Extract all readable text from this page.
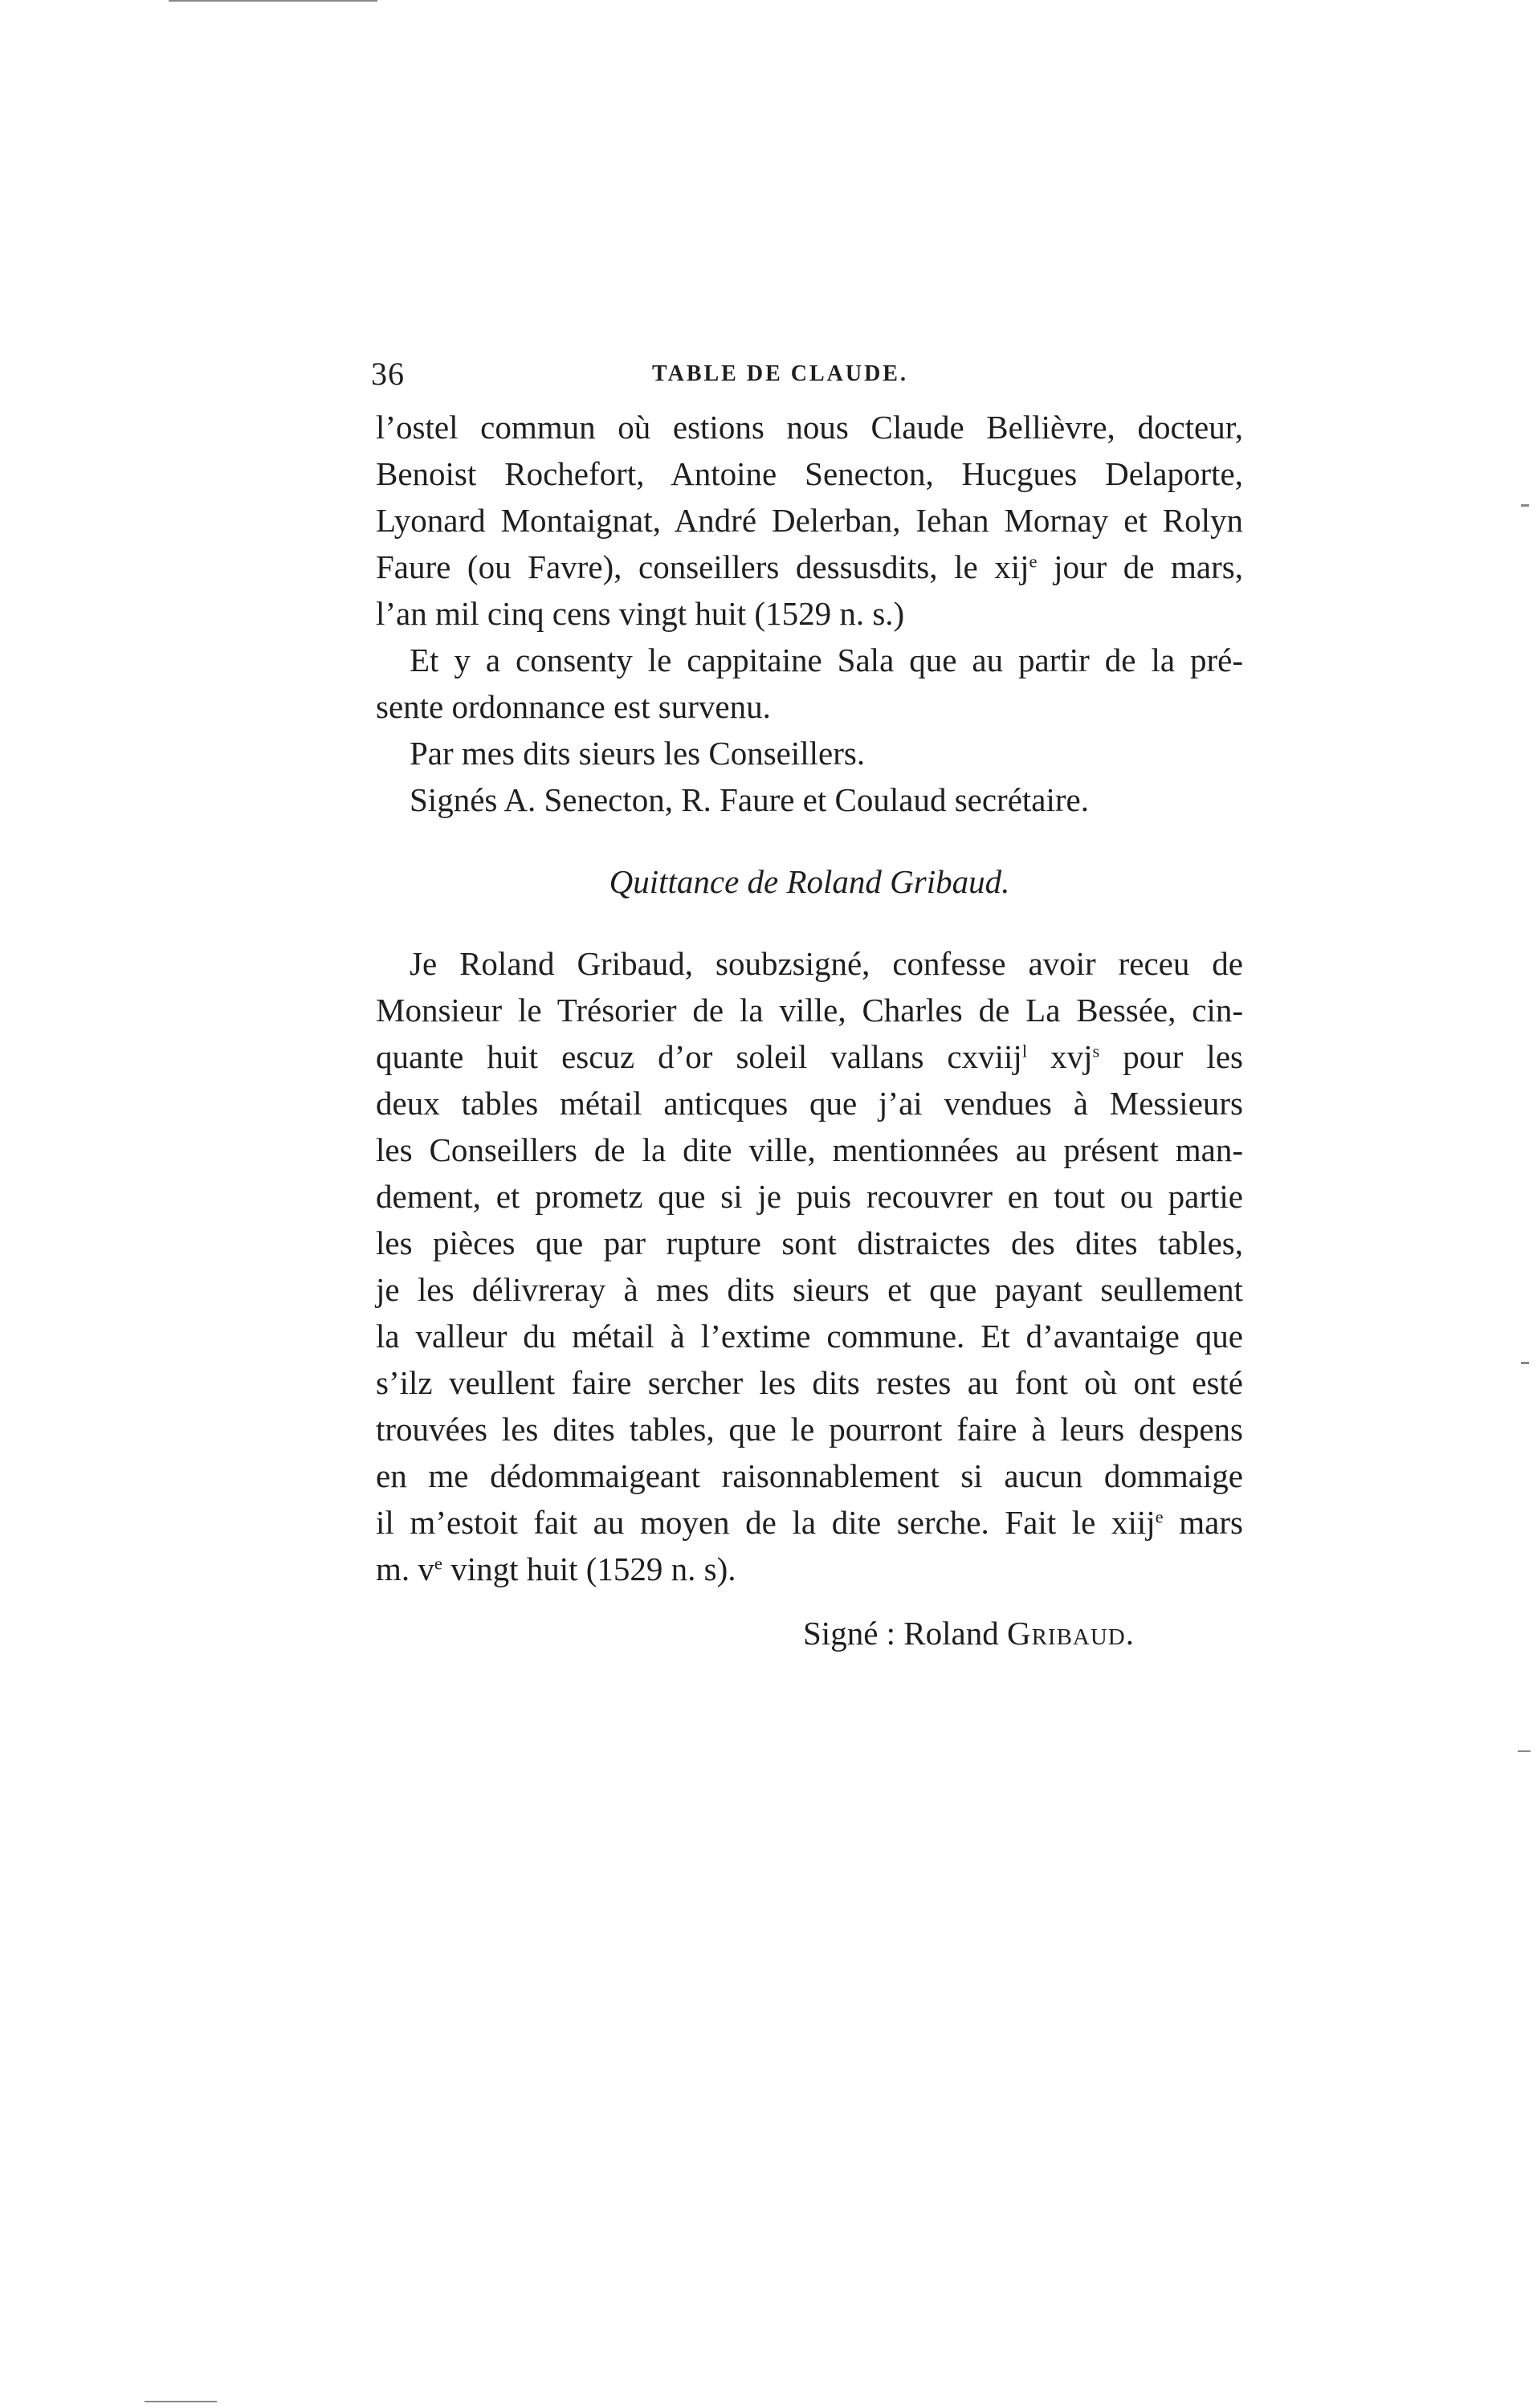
36	TABLE DE CLAUDE.
l’ostel commun où estions nous Claude Bellièvre, docteur,
Benoist Rochefort, Antoine Senecton, Hucgues Delaporte,
Lyonard Montaignat, André Delerban, Iehan Mornay et Rolyn
Faure (ou Favre), conseillers dessusdits, le xij$^e$ jour de mars,
l’an mil cinq cens vingt huit (1529 n. s.)
Et y a consenty le cappitaine Sala que au partir de la pré-
sente ordonnance est survenu.
Par mes dits sieurs les Conseillers.
Signés A. Senecton, R. Faure et Coulaud secrétaire.
Quittance de Roland Gribaud.
Je Roland Gribaud, soubzsigné, confesse avoir receu de
Monsieur le Trésorier de la ville, Charles de La Bessée, cin-
quante huit escuz d’or soleil vallans cxviij$^l$ xvj$^s$ pour les
deux tables métail anticques que j’ai vendues à Messieurs
les Conseillers de la dite ville, mentionnées au présent man-
dement, et prometz que si je puis recouvrer en tout ou partie
les pièces que par rupture sont distraictes des dites tables,
je les délivreray à mes dits sieurs et que payant seullement
la valleur du métail à l’extime commune. Et d’avantaige que
s’ilz veullent faire sercher les dits restes au font où ont esté
trouvées les dites tables, que le pourront faire à leurs despens
en me dédommaigeant raisonnablement si aucun dommaige
il m’estoit fait au moyen de la dite serche. Fait le xiij$^e$ mars
m. $v^e$ vingt huit (1529 n. s).
Signé : Roland Gribaud.
